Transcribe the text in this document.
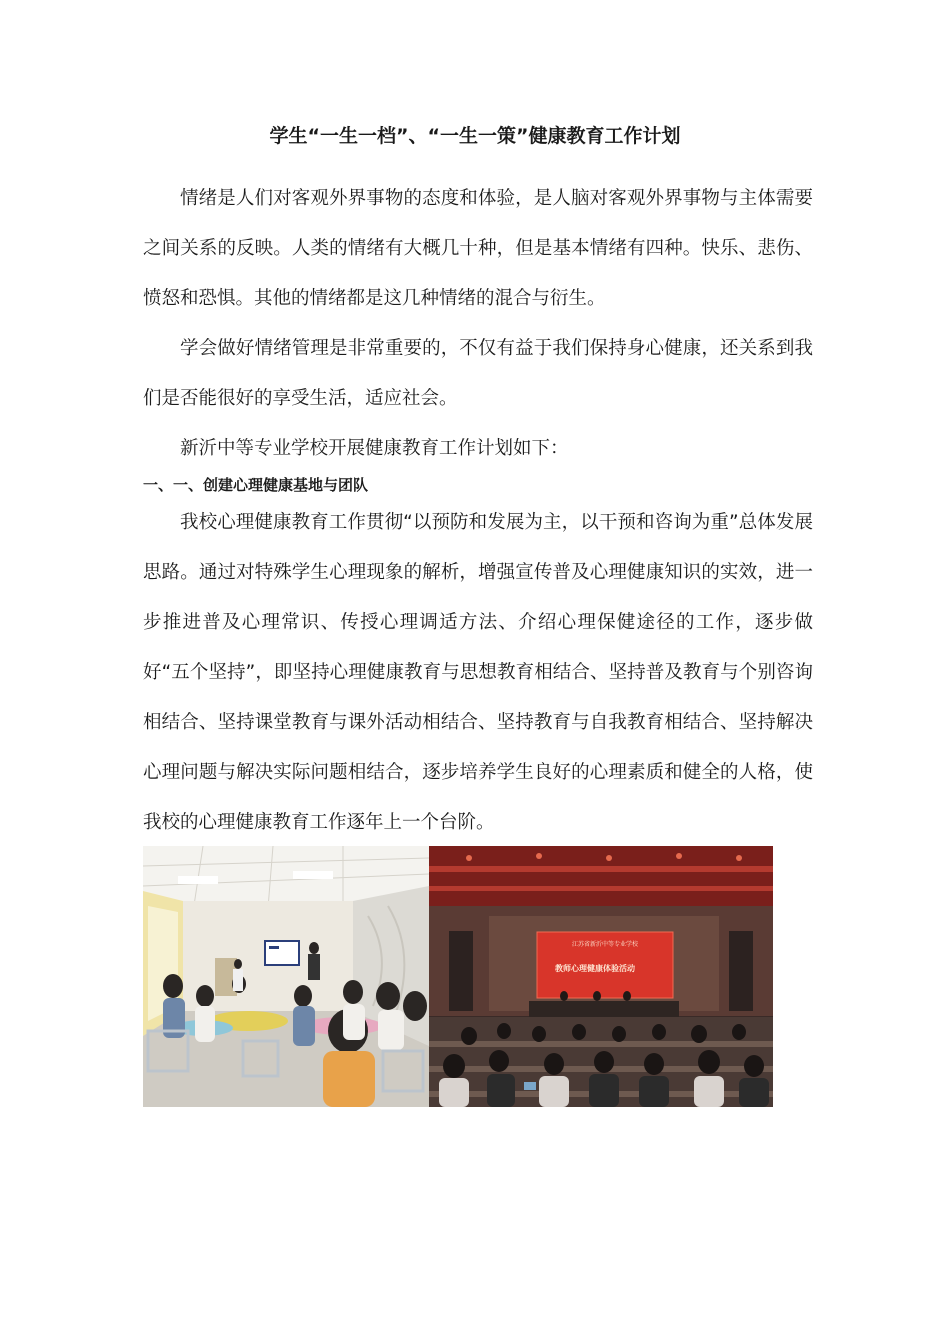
学生“一生一档”、“一生一策”健康教育工作计划

情绪是人们对客观外界事物的态度和体验，是人脑对客观外界事物与主体需要之间关系的反映。人类的情绪有大概几十种，但是基本情绪有四种。快乐、悲伤、愤怒和恐惧。其他的情绪都是这几种情绪的混合与衍生。

学会做好情绪管理是非常重要的，不仅有益于我们保持身心健康，还关系到我们是否能很好的享受生活，适应社会。

新沂中等专业学校开展健康教育工作计划如下：

一、一、创建心理健康基地与团队

我校心理健康教育工作贯彻“以预防和发展为主，以干预和咨询为重”总体发展思路。通过对特殊学生心理现象的解析，增强宣传普及心理健康知识的实效，进一步推进普及心理常识、传授心理调适方法、介绍心理保健途径的工作，逐步做好“五个坚持”，即坚持心理健康教育与思想教育相结合、坚持普及教育与个别咨询相结合、坚持课堂教育与课外活动相结合、坚持教育与自我教育相结合、坚持解决心理问题与解决实际问题相结合，逐步培养学生良好的心理素质和健全的人格，使我校的心理健康教育工作逐年上一个台阶。

江苏省新沂中等专业学校
教师心理健康体验活动
